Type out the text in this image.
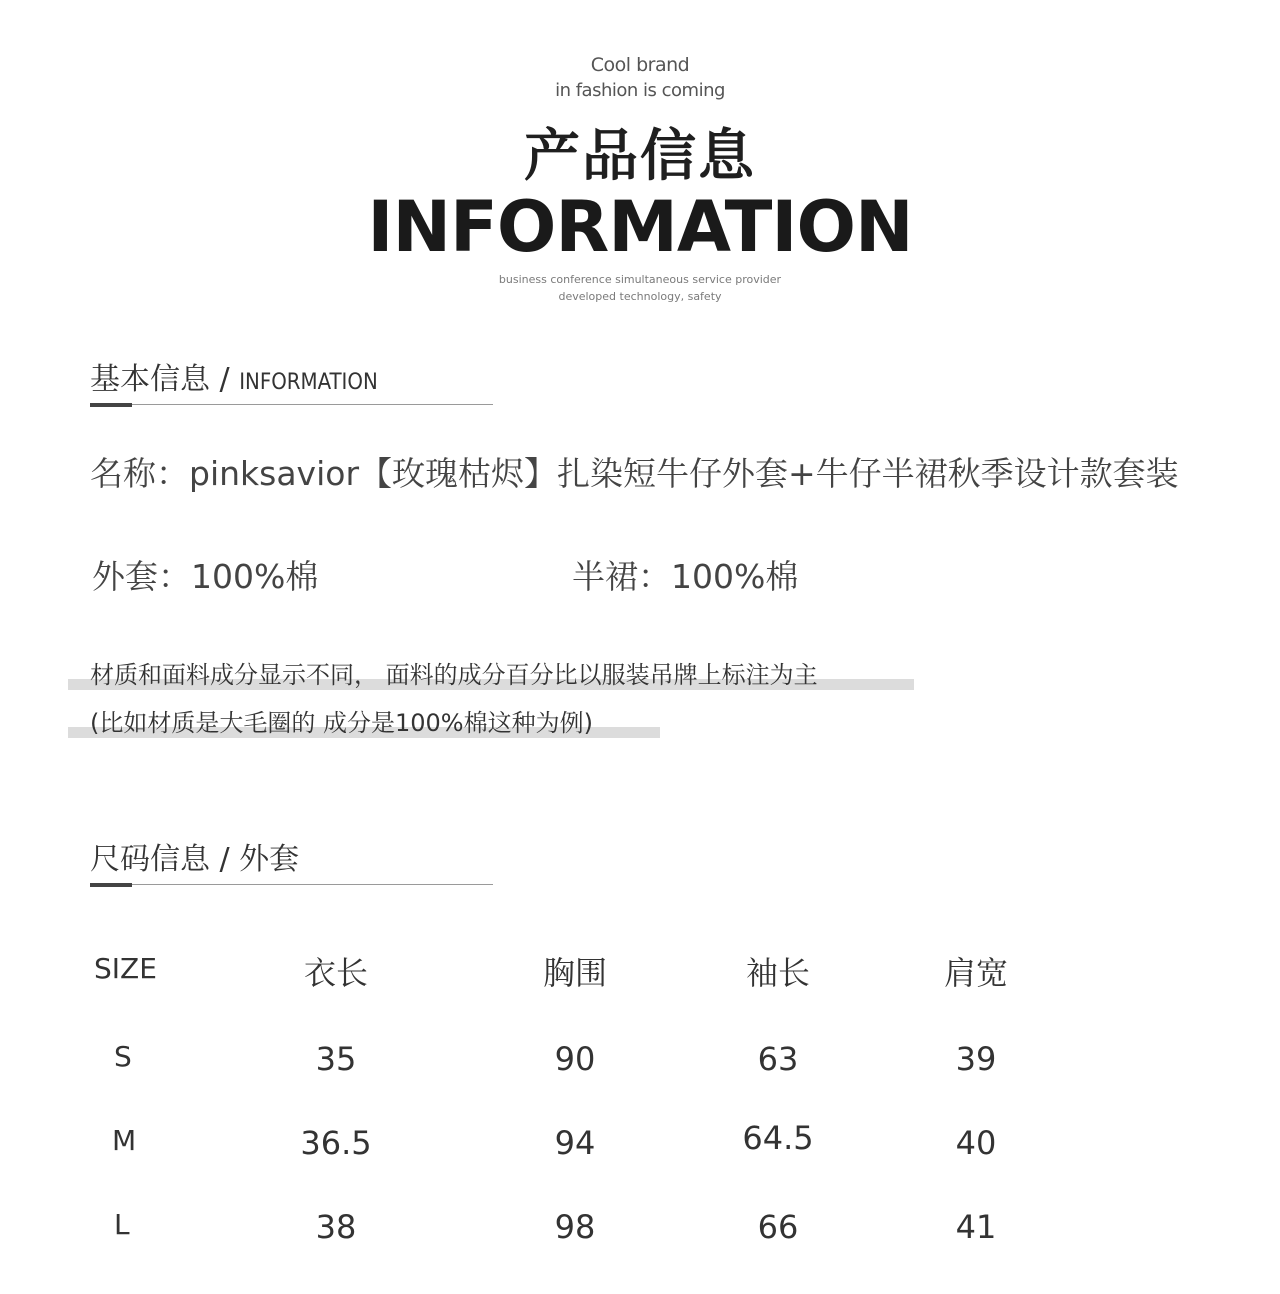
Cool brand
in fashion is coming
产品信息
INFORMATION
business conference simultaneous service provider
developed technology, safety
基本信息 / INFORMATION
名称：pinksavior【玫瑰枯烬】扎染短牛仔外套+牛仔半裙秋季设计款套装
外套：100%棉	半裙：100%棉
材质和面料成分显示不同， 面料的成分百分比以服装吊牌上标注为主
(比如材质是大毛圈的 成分是100%棉这种为例)
尺码信息 / 外套
SIZE	衣长	胸围	袖长	肩宽
S	35	90	63	39
M	36.5	94	64.5	40
L	38	98	66	41
